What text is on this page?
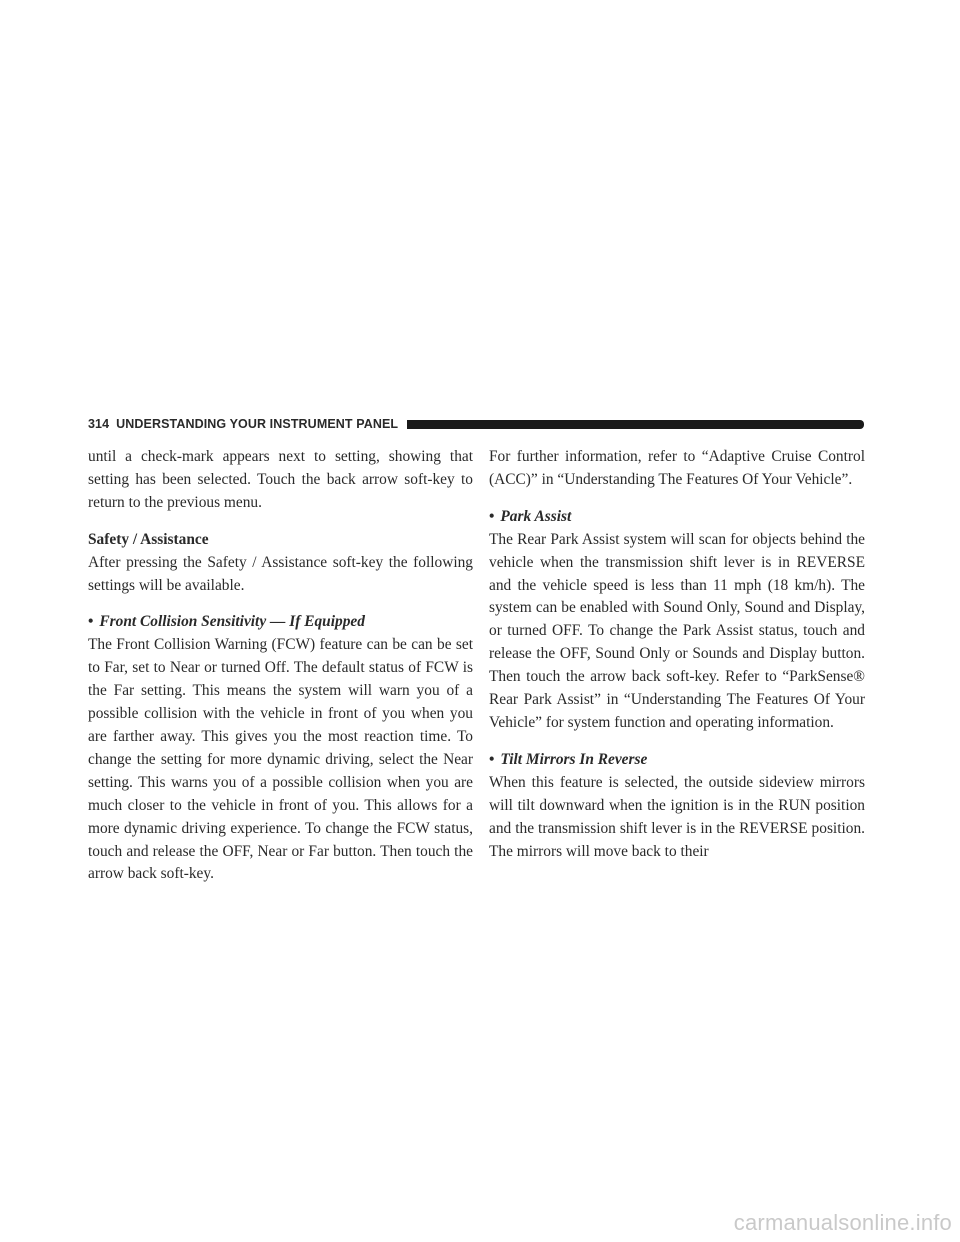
314 UNDERSTANDING YOUR INSTRUMENT PANEL

until a check-mark appears next to setting, showing that setting has been selected. Touch the back arrow soft-key to return to the previous menu.

Safety / Assistance

After pressing the Safety / Assistance soft-key the following settings will be available.

• Front Collision Sensitivity — If Equipped

The Front Collision Warning (FCW) feature can be can be set to Far, set to Near or turned Off. The default status of FCW is the Far setting. This means the system will warn you of a possible collision with the vehicle in front of you when you are farther away. This gives you the most reaction time. To change the setting for more dynamic driving, select the Near setting. This warns you of a possible collision when you are much closer to the vehicle in front of you. This allows for a more dynamic driving experience. To change the FCW status, touch and release the OFF, Near or Far button. Then touch the arrow back soft-key.

For further information, refer to “Adaptive Cruise Control (ACC)” in “Understanding The Features Of Your Vehicle”.

• Park Assist

The Rear Park Assist system will scan for objects behind the vehicle when the transmission shift lever is in REVERSE and the vehicle speed is less than 11 mph (18 km/h). The system can be enabled with Sound Only, Sound and Display, or turned OFF. To change the Park Assist status, touch and release the OFF, Sound Only or Sounds and Display button. Then touch the arrow back soft-key. Refer to “ParkSense® Rear Park Assist” in “Understanding The Features Of Your Vehicle” for system function and operating information.

• Tilt Mirrors In Reverse

When this feature is selected, the outside sideview mirrors will tilt downward when the ignition is in the RUN position and the transmission shift lever is in the REVERSE position. The mirrors will move back to their

carmanualsonline.info
